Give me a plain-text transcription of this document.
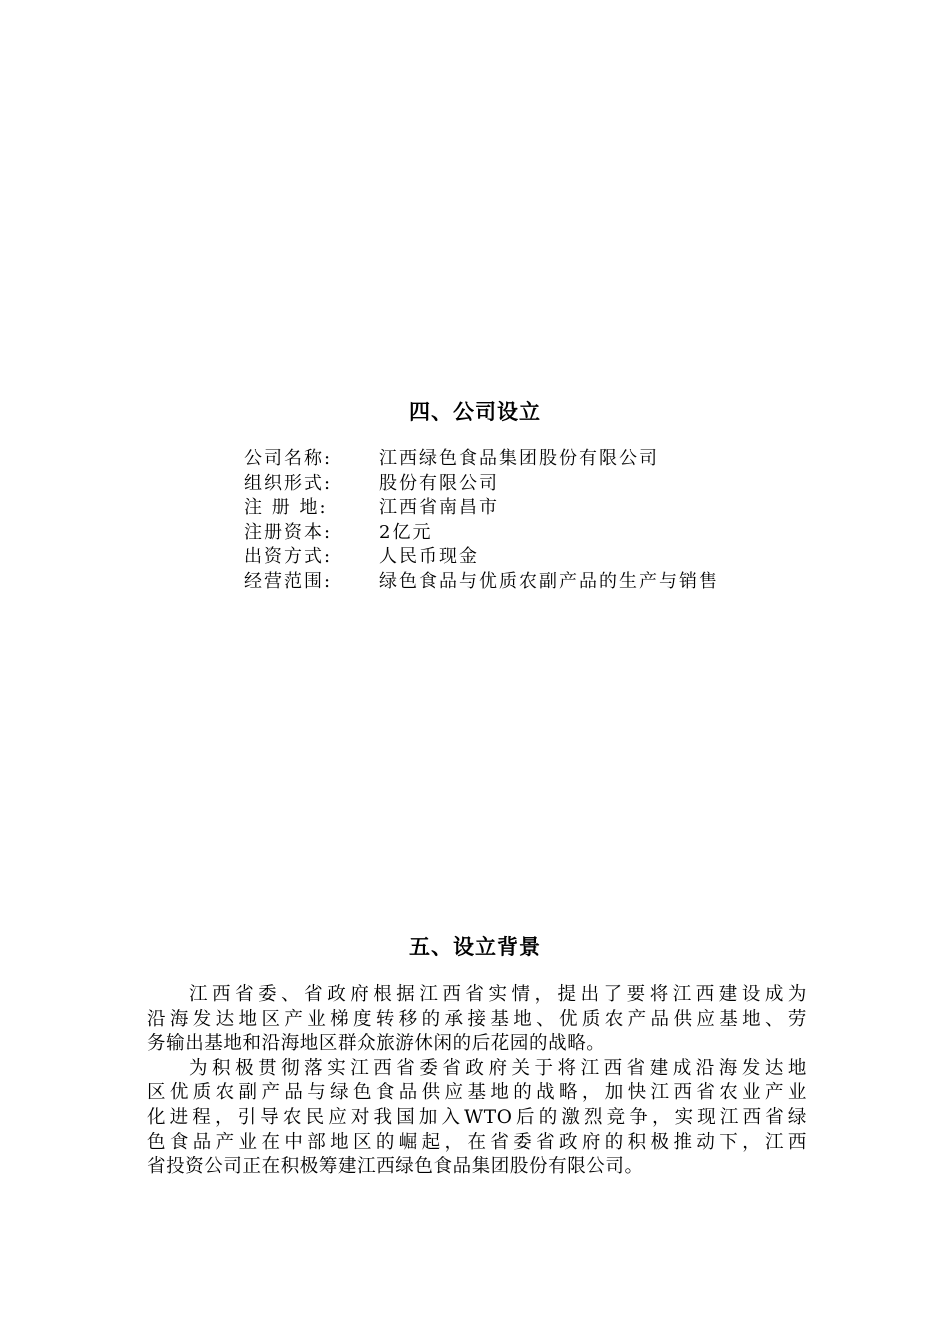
四、公司设立
公司名称:	江西绿色食品集团股份有限公司
组织形式:	股份有限公司
注 册 地:	江西省南昌市
注册资本:	2亿元
出资方式:	人民币现金
经营范围:	绿色食品与优质农副产品的生产与销售
五、设立背景

江西省委、省政府根据江西省实情，提出了要将江西建设成为
沿海发达地区产业梯度转移的承接基地、优质农产品供应基地、劳
务输出基地和沿海地区群众旅游休闲的后花园的战略。

为积极贯彻落实江西省委省政府关于将江西省建成沿海发达地
区优质农副产品与绿色食品供应基地的战略，加快江西省农业产业
化进程，引导农民应对我国加入WTO后的激烈竞争，实现江西省绿
色食品产业在中部地区的崛起，在省委省政府的积极推动下，江西
省投资公司正在积极筹建江西绿色食品集团股份有限公司。
